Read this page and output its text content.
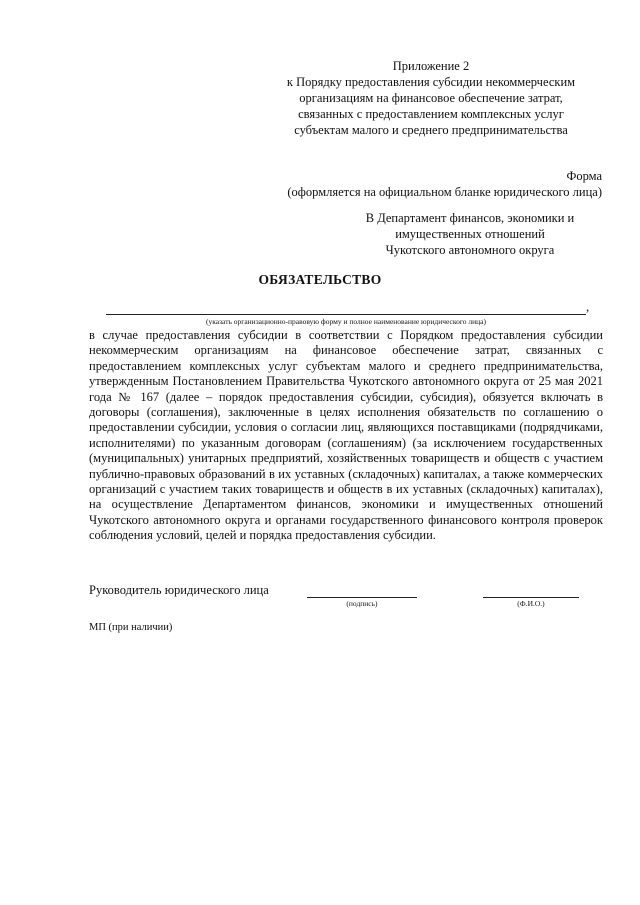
Приложение 2
к Порядку предоставления субсидии некоммерческим
организациям на финансовое обеспечение затрат,
связанных с предоставлением комплексных услуг
субъектам малого и среднего предпринимательства
Форма
(оформляется на официальном бланке юридического лица)
В Департамент финансов, экономики и
имущественных отношений
Чукотского автономного округа
ОБЯЗАТЕЛЬСТВО
,
(указать организационно-правовую форму и полное наименование юридического лица)
в случае предоставления субсидии в соответствии с Порядком предоставления субсидии некоммерческим организациям на финансовое обеспечение затрат, связанных с предоставлением комплексных услуг субъектам малого и среднего предпринимательства, утвержденным Постановлением Правительства Чукотского автономного округа от 25 мая 2021 года № 167 (далее – порядок предоставления субсидии, субсидия), обязуется включать в договоры (соглашения), заключенные в целях исполнения обязательств по соглашению о предоставлении субсидии, условия о согласии лиц, являющихся поставщиками (подрядчиками, исполнителями) по указанным договорам (соглашениям) (за исключением государственных (муниципальных) унитарных предприятий, хозяйственных товариществ и обществ с участием публично-правовых образований в их уставных (складочных) капиталах, а также коммерческих организаций с участием таких товариществ и обществ в их уставных (складочных) капиталах), на осуществление Департаментом финансов, экономики и имущественных отношений Чукотского автономного округа и органами государственного финансового контроля проверок соблюдения условий, целей и порядка предоставления субсидии.
Руководитель юридического лица
(подпись)	(Ф.И.О.)
МП (при наличии)
